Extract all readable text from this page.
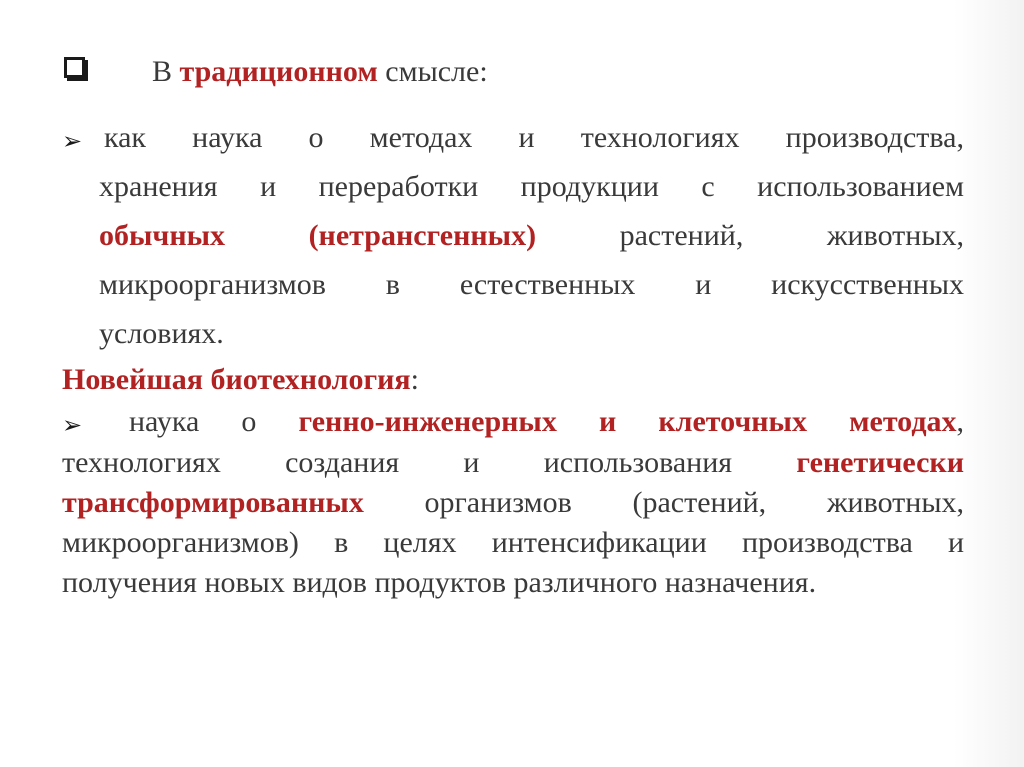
В традиционном смысле:
➢ как наука о методах и технологиях производства,
хранения и переработки продукции с использованием
обычных (нетрансгенных) растений, животных,
микроорганизмов в естественных и искусственных
условиях.
Новейшая биотехнология:
➢ наука о генно-инженерных и клеточных методах,
технологиях создания и использования генетически
трансформированных организмов (растений, животных,
микроорганизмов) в целях интенсификации производства и
получения новых видов продуктов различного назначения.
